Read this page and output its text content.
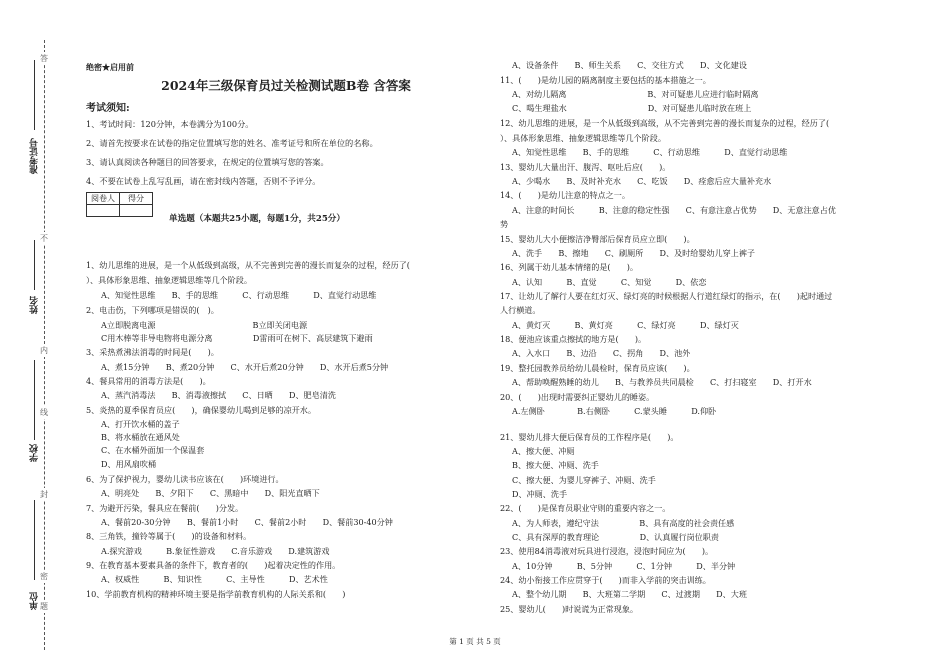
答
准考证号
不
姓名
内
线
学校
封
密
单位 题
绝密★启用前
2024年三级保育员过关检测试题B卷 含答案
考试须知:
1、考试时间：120分钟，本卷满分为100分。
2、请首先按要求在试卷的指定位置填写您的姓名、准考证号和所在单位的名称。
3、请认真阅读各种题目的回答要求，在规定的位置填写您的答案。
4、不要在试卷上乱写乱画，请在密封线内答题，否则不予评分。
阅卷人	得分

单选题（本题共25小题，每题1分，共25分）
1、幼儿思维的进展，是一个从低级到高级，从不完善到完善的漫长而复杂的过程，经历了(
）、具体形象思维、抽象逻辑思维等几个阶段。
A、知觉性思维　　B、手的思维　　　C、行动思维　　　D、直觉行动思维
2、电击伤，下列哪项是错误的(　)。
A立即脱离电源　　　　　　　　　　　　B立即关闭电源
C用木棒等非导电物将电源分离　　　　　D雷雨可在树下、高层建筑下避雨
3、采热煮沸法消毒的时间是(　　)。
A、煮15分钟　　B、煮20分钟　　C、水开后煮20分钟　　D、水开后煮5分钟
4、餐具常用的消毒方法是(　　)。
A、蒸汽消毒法　　B、消毒液擦拭　　C、日晒　　D、肥皂清洗
5、炎热的夏季保育员应(　　)，确保婴幼儿喝到足够的凉开水。
A、打开饮水桶的盖子
B、将水桶放在通风处
C、在水桶外面加一个保温套
D、用风扇吹桶
6、为了保护视力，婴幼儿读书应该在(　　)环境进行。
A、明亮处　　B、夕阳下　　C、黑暗中　　D、阳光直晒下
7、为避开污染，餐具应在餐前(　　)分发。
A、餐前20-30分钟　　B、餐前1小时　　C、餐前2小时　　D、餐前30-40分钟
8、三角铁，撞铃等属于(　　)的设备和材料。
A.探究游戏　　　B.象征性游戏　　C.音乐游戏　　D.建筑游戏
9、在教育基本要素具备的条件下，教育者的(　　)起着决定性的作用。
A、权威性　　　B、知识性　　　C、主导性　　　D、艺术性
10、学前教育机构的精神环境主要是指学前教育机构的人际关系和(　　)
A、设备条件　　B、师生关系　　C、交往方式　　D、文化建设
11、(　　)是幼儿园的隔离制度主要包括的基本措施之一。
A、对幼儿隔离　　　　　　　　　　B、对可疑患儿应进行临时隔离
C、喝生理盐水　　　　　　　　　　D、对可疑患儿临时放在班上
12、幼儿思维的进展，是一个从低级到高级，从不完善到完善的漫长而复杂的过程，经历了(
）、具体形象思维、抽象逻辑思维等几个阶段。
A、知觉性思维　　B、手的思维　　　C、行动思维　　　D、直觉行动思维
13、婴幼儿大量出汗、腹泻、呕吐后应(　　)。
A、少喝水　　B、及时补充水　　C、吃饭　　D、痊愈后应大量补充水
14、(　　)是幼儿注意的特点之一。
A、注意的时间长　　　B、注意的稳定性强　　C、有意注意占优势　　D、无意注意占优
势
15、婴幼儿大小便擦洁净臀部后保育员应立即(　　)。
A、洗手　　B、擦地　　C、刷厕所　　D、及时给婴幼儿穿上裤子
16、列属于幼儿基本情绪的是(　　)。
A、认知　　　B、直觉　　　C、知觉　　　D、依恋
17、让幼儿了解行人要在红灯灭、绿灯亮的时候根据人行道红绿灯的指示，在(　　)起时通过
人行横道。
A、黄灯灭　　　B、黄灯亮　　　C、绿灯亮　　　D、绿灯灭
18、便池应该重点擦拭的地方是(　　)。
A、入水口　　B、边沿　　C、拐角　　D、池外
19、整托园教养员给幼儿晨检时，保育员应该(　　)。
A、帮助唤醒熟睡的幼儿　　B、与教养员共同晨检　　C、打扫寝室　　D、打开水
20、(　　)出现时需要纠正婴幼儿的睡姿。
A.左侧卧　　　　B.右侧卧　　　C.蒙头睡　　　D.仰卧
21、婴幼儿排大便后保育员的工作程序是(　　)。
A、擦大便、冲厕
B、擦大便、冲厕、洗手
C、擦大便、为婴儿穿裤子、冲厕、洗手
D、冲厕、洗手
22、(　　)是保育员职业守则的重要内容之一。
A、为人师表，遵纪守法　　　　　B、具有高度的社会责任感
C、具有深厚的教育理论　　　　　D、认真履行岗位职责
23、使用84消毒液对玩具进行浸泡，浸泡时间应为(　　)。
A、10分钟　　　B、5分钟　　　C、1分钟　　　D、半分钟
24、幼小衔接工作应贯穿于(　　)而非入学前的突击训练。
A、整个幼儿期　　B、大班第二学期　　C、过渡期　　D、大班
25、婴幼儿(　　)时说谎为正常现象。
第 1 页 共 5 页
